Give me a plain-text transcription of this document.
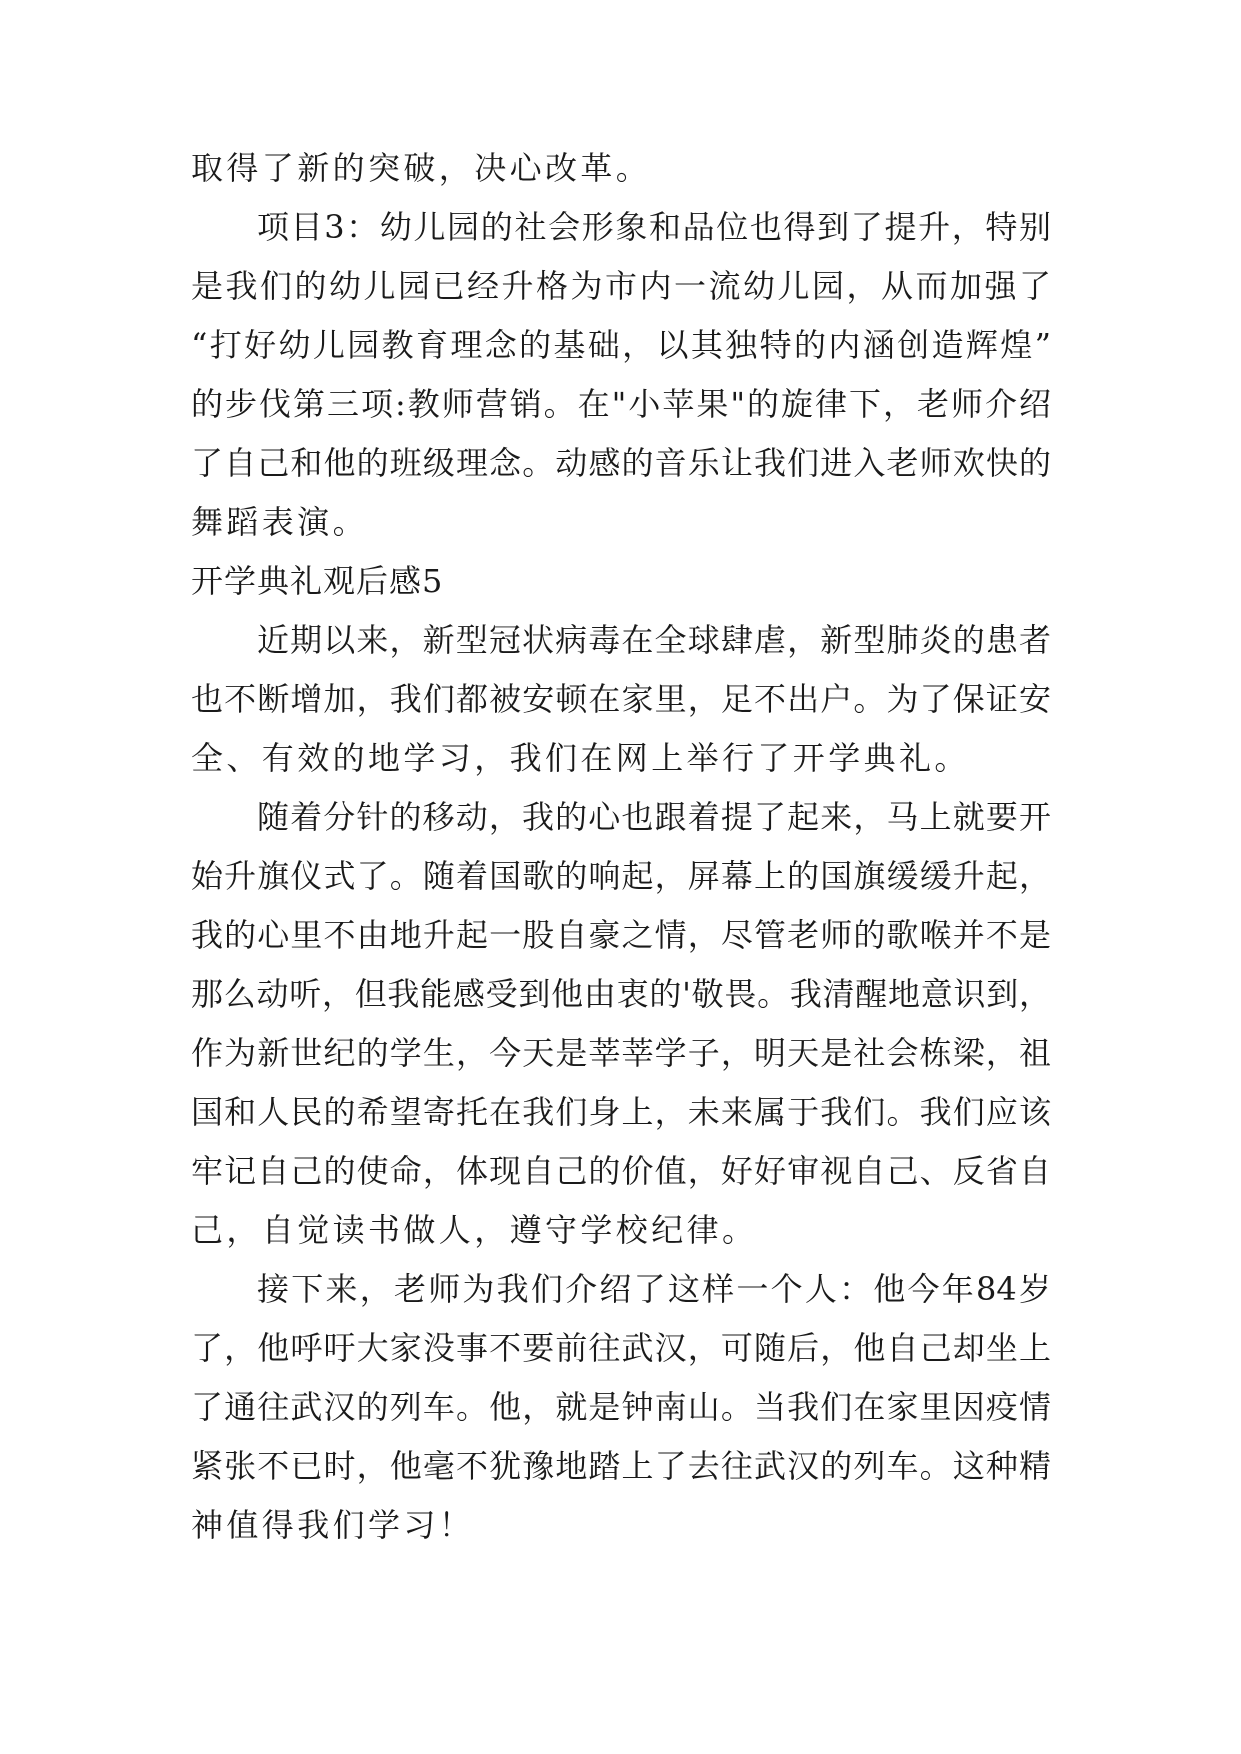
取得了新的突破，决心改革。
项目3：幼儿园的社会形象和品位也得到了提升，特别
是我们的幼儿园已经升格为市内一流幼儿园，从而加强了
“打好幼儿园教育理念的基础，以其独特的内涵创造辉煌”
的步伐第三项:教师营销。在"小苹果"的旋律下，老师介绍
了自己和他的班级理念。动感的音乐让我们进入老师欢快的
舞蹈表演。
开学典礼观后感5
近期以来，新型冠状病毒在全球肆虐，新型肺炎的患者
也不断增加，我们都被安顿在家里，足不出户。为了保证安
全、有效的地学习，我们在网上举行了开学典礼。
随着分针的移动，我的心也跟着提了起来，马上就要开
始升旗仪式了。随着国歌的响起，屏幕上的国旗缓缓升起，
我的心里不由地升起一股自豪之情，尽管老师的歌喉并不是
那么动听，但我能感受到他由衷的'敬畏。我清醒地意识到，
作为新世纪的学生，今天是莘莘学子，明天是社会栋梁，祖
国和人民的希望寄托在我们身上，未来属于我们。我们应该
牢记自己的使命，体现自己的价值，好好审视自己、反省自
己，自觉读书做人，遵守学校纪律。
接下来，老师为我们介绍了这样一个人：他今年84岁
了，他呼吁大家没事不要前往武汉，可随后，他自己却坐上
了通往武汉的列车。他，就是钟南山。当我们在家里因疫情
紧张不已时，他毫不犹豫地踏上了去往武汉的列车。这种精
神值得我们学习！
